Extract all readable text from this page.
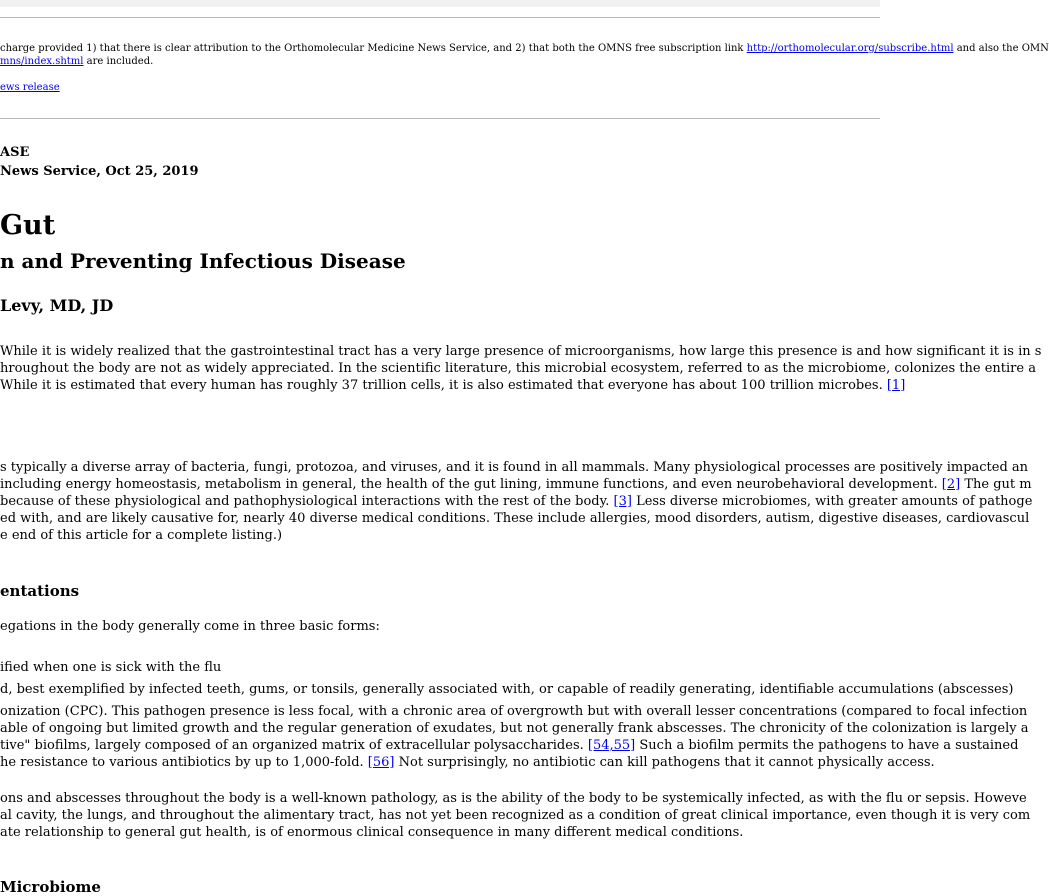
charge provided 1) that there is clear attribution to the Orthomolecular Medicine News Service, and 2) that both the OMNS free subscription link http://orthomolecular.org/subscribe.html and also the OMN
mns/index.shtml are included.
ews release
ASE
News Service, Oct 25, 2019
Gut
n and Preventing Infectious Disease
Levy, MD, JD
While it is widely realized that the gastrointestinal tract has a very large presence of microorganisms, how large this presence is and how significant it is in s
hroughout the body are not as widely appreciated. In the scientific literature, this microbial ecosystem, referred to as the microbiome, colonizes the entire a
While it is estimated that every human has roughly 37 trillion cells, it is also estimated that everyone has about 100 trillion microbes. [1]
s typically a diverse array of bacteria, fungi, protozoa, and viruses, and it is found in all mammals. Many physiological processes are positively impacted an
including energy homeostasis, metabolism in general, the health of the gut lining, immune functions, and even neurobehavioral development. [2] The gut m
because of these physiological and pathophysiological interactions with the rest of the body. [3] Less diverse microbiomes, with greater amounts of pathoge
ed with, and are likely causative for, nearly 40 diverse medical conditions. These include allergies, mood disorders, autism, digestive diseases, cardiovascul
e end of this article for a complete listing.)
entations
egations in the body generally come in three basic forms:
ified when one is sick with the flu
d, best exemplified by infected teeth, gums, or tonsils, generally associated with, or capable of readily generating, identifiable accumulations (abscesses)
onization (CPC). This pathogen presence is less focal, with a chronic area of overgrowth but with overall lesser concentrations (compared to focal infection
able of ongoing but limited growth and the regular generation of exudates, but not generally frank abscesses. The chronicity of the colonization is largely a
tive" biofilms, largely composed of an organized matrix of extracellular polysaccharides. [54,55] Such a biofilm permits the pathogens to have a sustained
he resistance to various antibiotics by up to 1,000-fold. [56] Not surprisingly, no antibiotic can kill pathogens that it cannot physically access.
ons and abscesses throughout the body is a well-known pathology, as is the ability of the body to be systemically infected, as with the flu or sepsis. Howeve
al cavity, the lungs, and throughout the alimentary tract, has not yet been recognized as a condition of great clinical importance, even though it is very com
ate relationship to general gut health, is of enormous clinical consequence in many different medical conditions.
Microbiome
